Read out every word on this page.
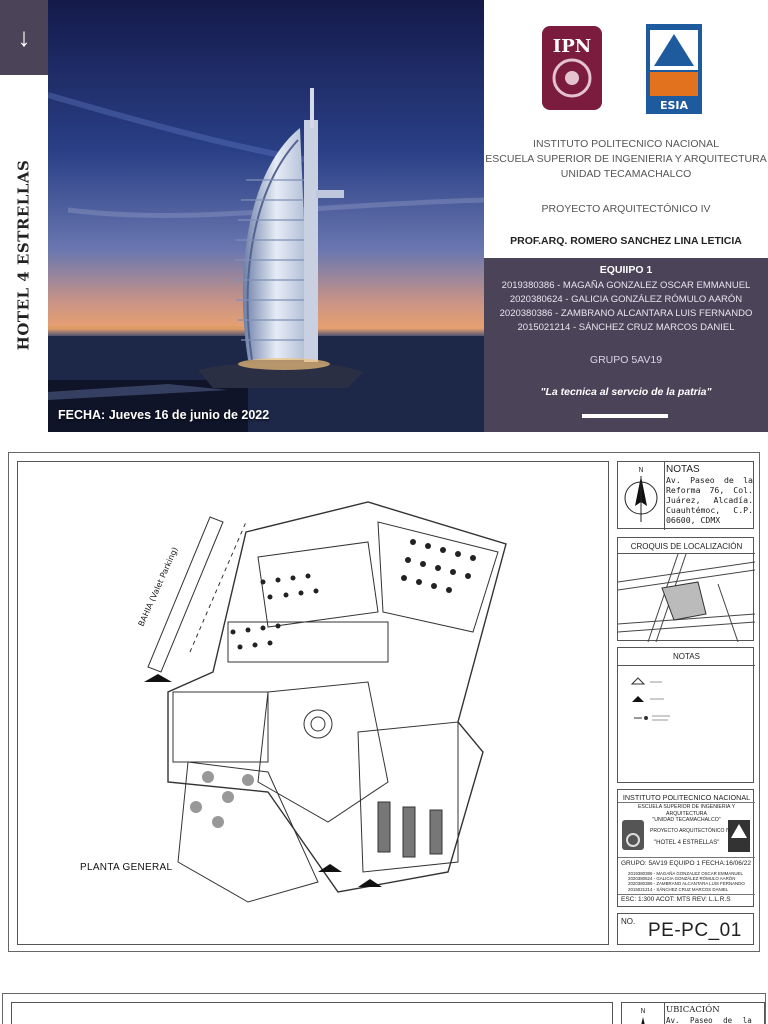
↓
HOTEL 4 ESTRELLAS
FECHA: Jueves 16 de junio de 2022
IPN
ESIA
INSTITUTO POLITECNICO NACIONAL
ESCUELA SUPERIOR DE INGENIERIA Y ARQUITECTURA
UNIDAD TECAMACHALCO
PROYECTO ARQUITECTÓNICO IV
PROF.ARQ. ROMERO SANCHEZ LINA LETICIA
EQUIIPO 1
2019380386 - MAGAÑA GONZALEZ OSCAR EMMANUEL
2020380624 - GALICIA GONZÁLEZ RÓMULO AARÓN
2020380386 - ZAMBRANO ALCANTARA LUIS FERNANDO
2015021214 - SÁNCHEZ CRUZ MARCOS DANIEL
GRUPO 5AV19
"La tecnica al servcio de la patria"
BAHIA (Valet Parking)
PLANTA GENERAL
N NOTAS
Av. Paseo de la Reforma 76, Col. Juárez, Alcadía. Cuauhtémoc, C.P. 06600, CDMX
CROQUIS DE LOCALIZACIÓN
NOTAS
INSTITUTO POLITECNICO NACIONAL
ESCUELA SUPERIOR DE INGENIERIA Y ARQUITECTURA
"UNIDAD TECAMACHALCO"
PROYECTO ARQUITECTÓNICO IV
"HOTEL 4 ESTRELLAS"
GRUPO: 5AV19 EQUIPO 1 FECHA:16/06/22
2019380386 - MAGAÑA GONZALEZ OSCAR EMMANUEL
2020380624 - GALICIA GONZÁLEZ RÓMULO AARÓN
2020380386 - ZAMBRANO ALCANTARA LUIS FERNANDO
2015021214 - SÁNCHEZ CRUZ MARCOS DANIEL
ESC: 1:300 ACOT: MTS REV: L.L.R.S
NO. PE-PC_01
N UBICACIÓN
Av. Paseo de la
